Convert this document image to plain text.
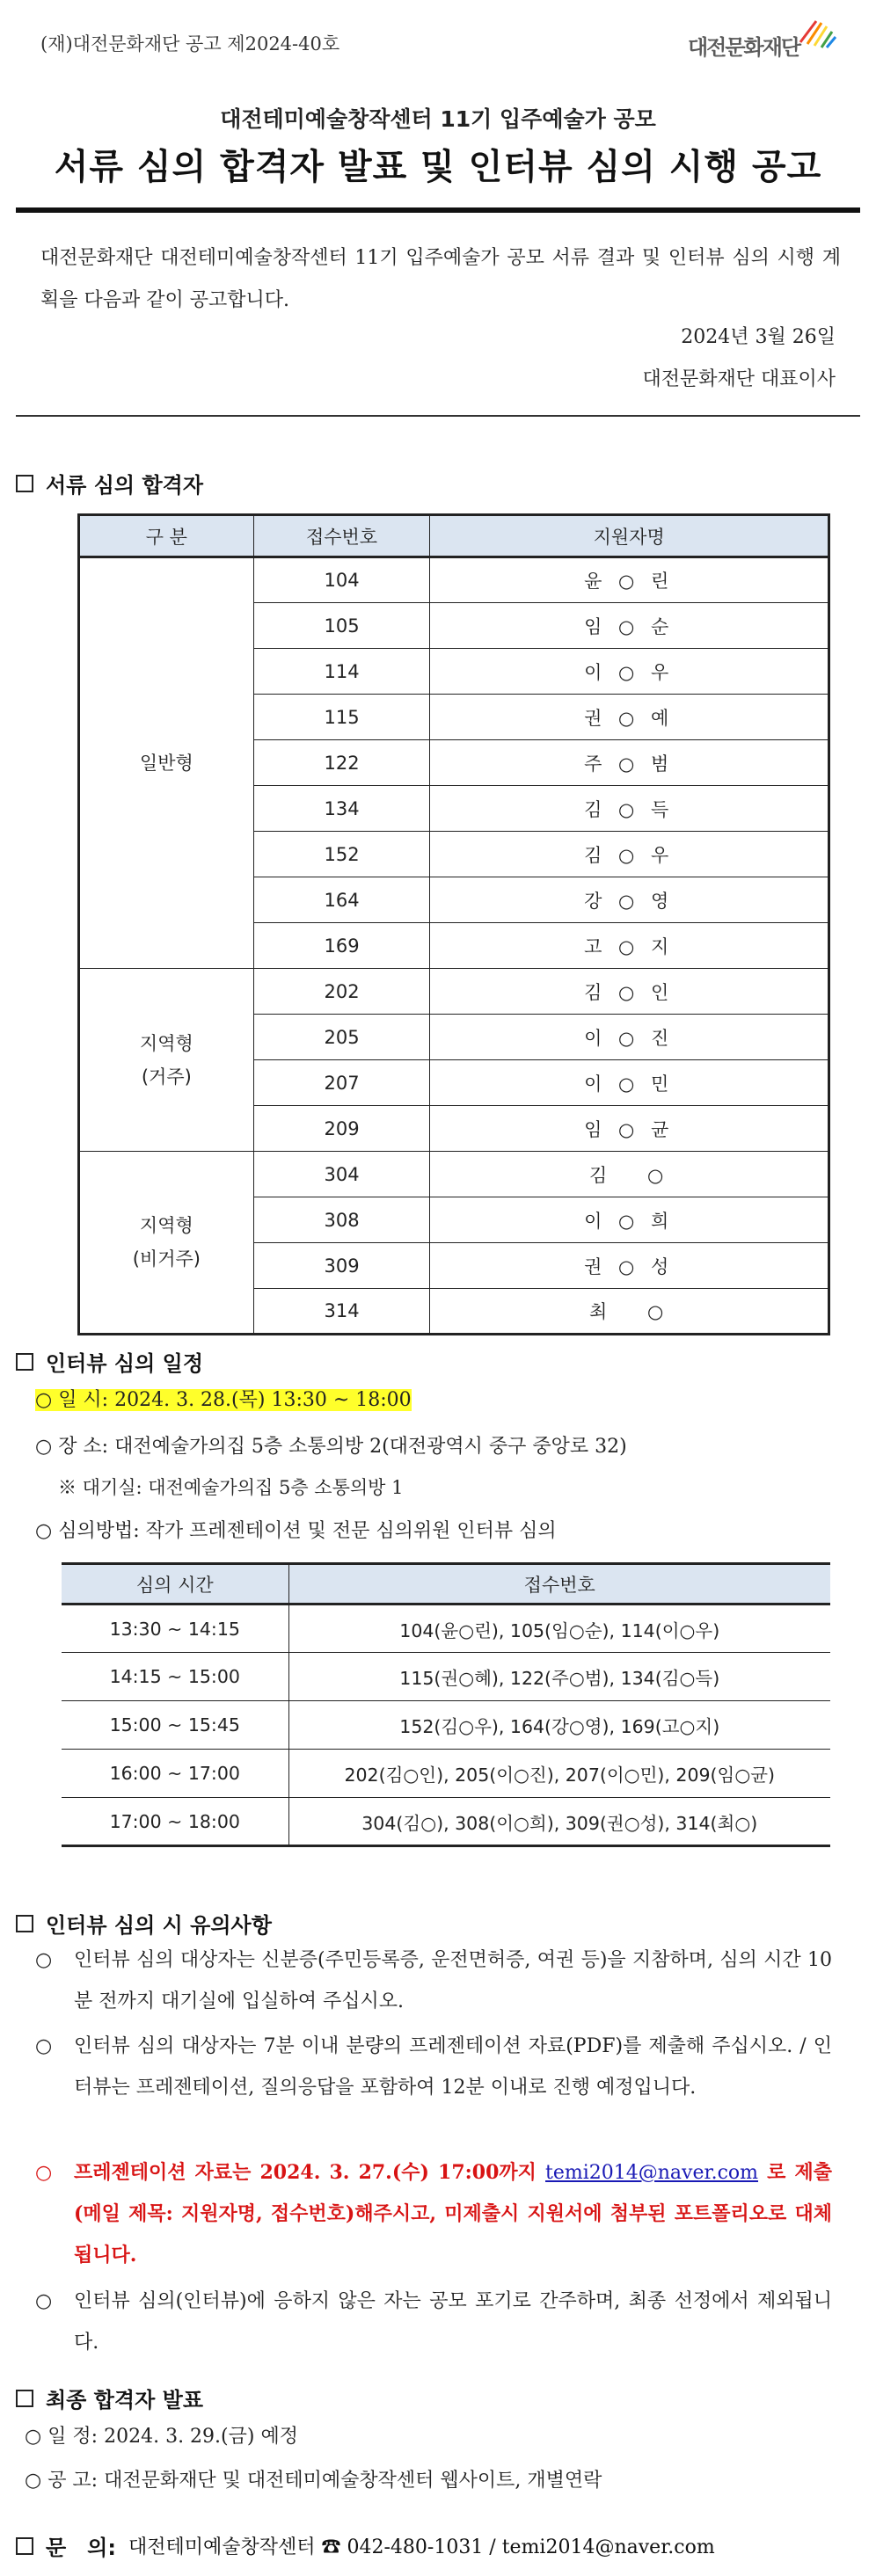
(재)대전문화재단 공고 제2024-40호	대전문화재단
대전테미예술창작센터 11기 입주예술가 공모
서류 심의 합격자 발표 및 인터뷰 심의 시행 공고
대전문화재단 대전테미예술창작센터 11기 입주예술가 공모 서류 결과 및 인터뷰 심의 시행 계획을 다음과 같이 공고합니다.
2024년 3월 26일
대전문화재단 대표이사
서류 심의 합격자
구 분	접수번호	지원자명
일반형	104	윤 ○ 린
	105	임 ○ 순
	114	이 ○ 우
	115	권 ○ 예
	122	주 ○ 범
	134	김 ○ 득
	152	김 ○ 우
	164	강 ○ 영
	169	고 ○ 지
지역형
(거주)	202	김 ○ 인
	205	이 ○ 진
	207	이 ○ 민
	209	임 ○ 균
지역형
(비거주)	304	김　 ○
	308	이 ○ 희
	309	권 ○ 성
	314	최　 ○
인터뷰 심의 일정
○ 일 시: 2024. 3. 28.(목) 13:30 ~ 18:00
○ 장 소: 대전예술가의집 5층 소통의방 2(대전광역시 중구 중앙로 32)
※ 대기실: 대전예술가의집 5층 소통의방 1
○ 심의방법: 작가 프레젠테이션 및 전문 심의위원 인터뷰 심의
심의 시간	접수번호
13:30 ~ 14:15	104(윤○린), 105(임○순), 114(이○우)
14:15 ~ 15:00	115(권○혜), 122(주○범), 134(김○득)
15:00 ~ 15:45	152(김○우), 164(강○영), 169(고○지)
16:00 ~ 17:00	202(김○인), 205(이○진), 207(이○민), 209(임○균)
17:00 ~ 18:00	304(김○), 308(이○희), 309(권○성), 314(최○)
인터뷰 심의 시 유의사항
○ 인터뷰 심의 대상자는 신분증(주민등록증, 운전면허증, 여권 등)을 지참하며, 심의 시간 10분 전까지 대기실에 입실하여 주십시오.
○ 인터뷰 심의 대상자는 7분 이내 분량의 프레젠테이션 자료(PDF)를 제출해 주십시오. / 인터뷰는 프레젠테이션, 질의응답을 포함하여 12분 이내로 진행 예정입니다.
○ 프레젠테이션 자료는 2024. 3. 27.(수) 17:00까지 temi2014@naver.com 로 제출(메일 제목: 지원자명, 접수번호)해주시고, 미제출시 지원서에 첨부된 포트폴리오로 대체됩니다.
○ 인터뷰 심의(인터뷰)에 응하지 않은 자는 공모 포기로 간주하며, 최종 선정에서 제외됩니다.
최종 합격자 발표
○ 일 정: 2024. 3. 29.(금) 예정
○ 공 고: 대전문화재단 및 대전테미예술창작센터 웹사이트, 개별연락
문　의: 대전테미예술창작센터 ☎ 042-480-1031 / temi2014@naver.com
